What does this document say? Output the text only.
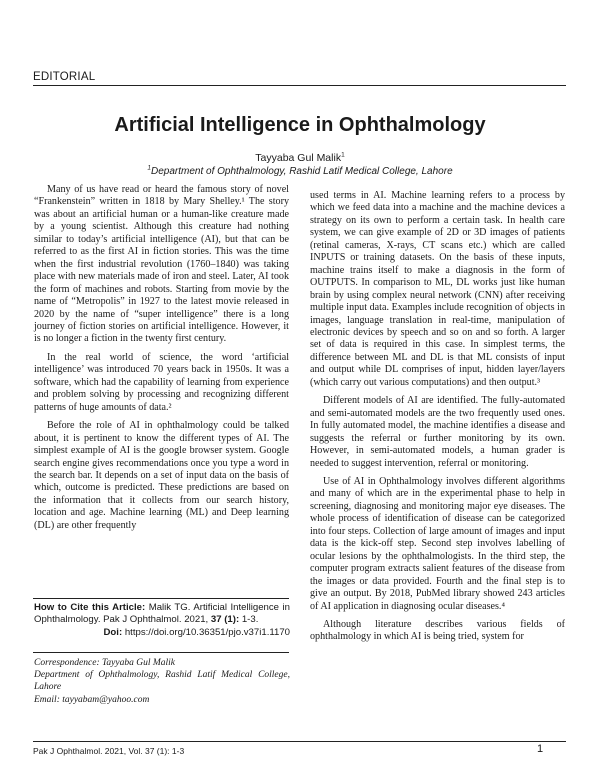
EDITORIAL
Artificial Intelligence in Ophthalmology
Tayyaba Gul Malik$^1$
$^1$Department of Ophthalmology, Rashid Latif Medical College, Lahore

Many of us have read or heard the famous story of novel “Frankenstein” written in 1818 by Mary Shelley.¹ The story was about an artificial human or a human-like creature made by a young scientist. Although this creature had nothing similar to today’s artificial intelligence (AI), but that can be referred to as the first AI in fiction stories. This was the time when the first industrial revolution (1760–1840) was taking place with new materials made of iron and steel. Later, AI took the form of machines and robots. Starting from movie by the name of “Metropolis” in 1927 to the latest movie released in 2020 by the name of “super intelligence” there is a long journey of fiction stories on artificial intelligence. However, it is no longer a fiction in the twenty first century.

In the real world of science, the word ‘artificial intelligence’ was introduced 70 years back in 1950s. It was a software, which had the capability of learning from experience and problem solving by processing and recognizing different patterns of huge amounts of data.²

Before the role of AI in ophthalmology could be talked about, it is pertinent to know the different types of AI. The simplest example of AI is the google browser system. Google search engine gives recommendations once you type a word in the search bar. It depends on a set of input data on the basis of which, outcome is predicted. These predictions are based on the information that it collects from our search history, location and age. Machine learning (ML) and Deep learning (DL) are other frequently

used terms in AI. Machine learning refers to a process by which we feed data into a machine and the machine devices a strategy on its own to perform a certain task. In health care system, we can give example of 2D or 3D images of patients (retinal cameras, X-rays, CT scans etc.) which are called INPUTS or training datasets. On the basis of these inputs, machine trains itself to make a diagnosis in the form of OUTPUTS. In comparison to ML, DL works just like human brain by using complex neural network (CNN) after receiving multiple input data. Examples include recognition of objects in images, language translation in real-time, manipulation of electronic devices by speech and so on and so forth. A larger set of data is required in this case. In simplest terms, the difference between ML and DL is that ML consists of input and output while DL comprises of input, hidden layer/layers (which carry out various computations) and then output.³

Different models of AI are identified. The fully-automated and semi-automated models are the two frequently used ones. In fully automated model, the machine identifies a disease and suggests the referral or further monitoring by its own. However, in semi-automated models, a human grader is needed to suggest intervention, referral or monitoring.

Use of AI in Ophthalmology involves different algorithms and many of which are in the experimental phase to help in screening, diagnosing and monitoring major eye diseases. The whole process of identification of disease can be categorized into four steps. Collection of large amount of images and input data is the kick-off step. Second step involves labelling of ocular lesions by the ophthalmologists. In the third step, the computer program extracts salient features of the disease from the images or data provided. Fourth and the final step is to give an output. By 2018, PubMed library showed 243 articles of AI application in diagnosing ocular diseases.⁴

Although literature describes various fields of ophthalmology in which AI is being tried, system for

How to Cite this Article: Malik TG. Artificial Intelligence in Ophthalmology. Pak J Ophthalmol. 2021, 37 (1): 1-3.
Doi: https://doi.org/10.36351/pjo.v37i1.1170
Correspondence: Tayyaba Gul Malik
Department of Ophthalmology, Rashid Latif Medical College, Lahore
Email: tayyabam@yahoo.com
Pak J Ophthalmol. 2021, Vol. 37 (1): 1-3	1
